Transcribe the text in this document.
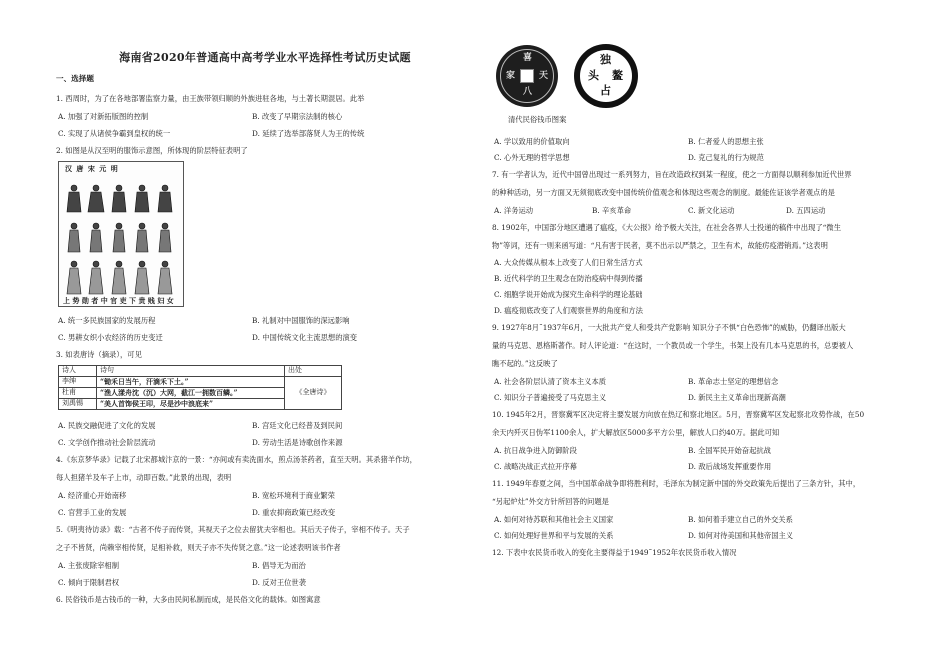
海南省2020年普通高中高考学业水平选择性考试历史试题
一、选择题
1. 西周时，为了在各地部署监察力量，由王族带领归顺的外族进驻各地，与土著长期混居。此举
A. 加强了对新拓版图的控制	B. 改变了早期宗法制的核心
C. 实现了从诸侯争霸到皇权的统一	D. 延续了选举部落贤人为王的传统
2. 如图是从汉至明的服饰示意图，所体现的阶层特征表明了
汉 唐 宋 元 明
上 势 勋 者 中 官 吏 下 贵 贱 妇 女
A. 统一多民族国家的发展历程	B. 礼制对中国服饰的深远影响
C. 男耕女织小农经济的历史变迁	D. 中国传统文化主流思想的演变
3. 如表唐诗（摘录），可见
诗人	诗句	出处
李绅	“锄禾日当午，汗滴禾下土。”	《全唐诗》
杜甫	“渔人漾舟沈（沉）大网，截江一拥数百鳞。”	
刘禹锡	“美人首饰侯王印，尽是沙中浪底来”	
A. 民族交融促进了文化的发展	B. 宫廷文化已经普及到民间
C. 文学创作推动社会阶层流动	D. 劳动生活是诗歌创作来源
4.《东京梦华录》记载了北宋都城汴京的一景：“亦间或有卖洗面水，煎点汤茶药者，直至天明。其杀猪羊作坊，
每人担猪羊及车子上市，动即百数。”此景的出现，表明
A. 经济重心开始南移	B. 宽松环境利于商业繁荣
C. 官营手工业的发展	D. 重农抑商政策已经改变
5.《明夷待访录》载：“古者不传子而传贤，其视天子之位去留犹夫宰相也。其后天子传子，宰相不传子。天子
之子不皆贤，尚赖宰相传贤，足相补救，则天子亦不失传贤之意。”这一论述表明该书作者
A. 主张废除宰相制	B. 倡导无为而治
C. 倾向于限制君权	D. 反对王位世袭
6. 民俗钱币是古钱币的一种，大多由民间私制而成，是民俗文化的载体。如图寓意
喜
天
八
家
独
鳌
占
头
清代民俗钱币图案
A. 学以致用的价值取向	B. 仁者爱人的思想主张
C. 心外无理的哲学思想	D. 克己复礼的行为规范
7. 有一学者认为，近代中国曾出现过一系列努力，旨在改造政权到某一程度，使之一方面得以顺利参加近代世界
的种种活动，另一方面又无须彻底改变中国传统价值观念和体现这些观念的制度。最能佐证该学者观点的是
A. 洋务运动	B. 辛亥革命	C. 新文化运动	D. 五四运动
8. 1902年，中国部分地区遭遇了瘟疫，《大公报》给予极大关注，在社会各界人士投递的稿件中出现了“微生
物”等词，还有一则来函写道：“凡有害于民者，莫不出示以严禁之，卫生有术，故能疠疫潜销焉。”这表明
A. 大众传媒从根本上改变了人们日常生活方式
B. 近代科学的卫生观念在防治疫病中得到传播
C. 细胞学说开始成为探究生命科学的理论基础
D. 瘟疫彻底改变了人们观察世界的角度和方法
9. 1927年8月˜1937年6月，一大批共产党人和受共产党影响 知识分子不惧“白色恐怖”的威胁，仍翻译出版大
量的马克思、恩格斯著作。时人评论道：“在这时，一个教员或一个学生，书架上没有几本马克思的书，总要被人
瞧不起的。”这反映了
A. 社会各阶层认清了资本主义本质	B. 革命志士坚定的理想信念
C. 知识分子普遍接受了马克思主义	D. 新民主主义革命出现新高潮
10. 1945年2月，晋察冀军区决定将主要发展方向放在热辽和察北地区。5月，晋察冀军区发起察北攻势作战，在50
余天内歼灭日伪军1100余人，扩大解放区5000多平方公里，解放人口约40万。据此可知
A. 抗日战争进入防御阶段	B. 全国军民开始奋起抗战
C. 战略决战正式拉开序幕	D. 敌后战场发挥重要作用
11. 1949年春夏之间，当中国革命战争即将胜利时，毛泽东为制定新中国的外交政策先后提出了三条方针，其中，
“另起炉灶”外交方针所回答的问题是
A. 如何对待苏联和其他社会主义国家	B. 如何着手建立自己的外交关系
C. 如何处理好世界和平与发展的关系	D. 如何对待美国和其他帝国主义
12. 下表中农民货币收入的变化主要得益于1949˜1952年农民货币收入情况
